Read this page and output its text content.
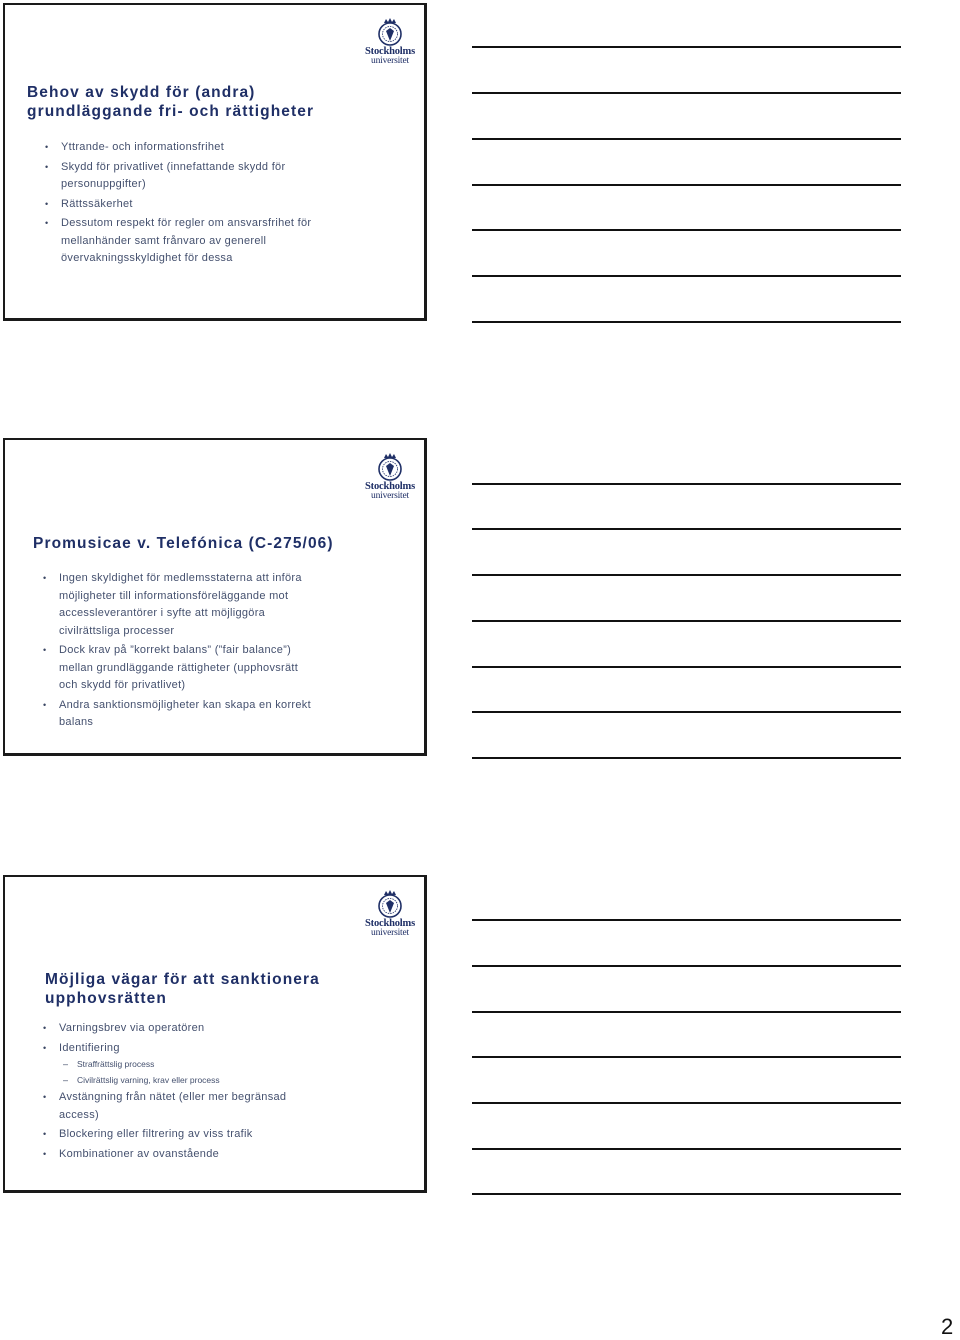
Stockholms
universitet
Behov av skydd för (andra)
grundläggande fri- och rättigheter
• Yttrande- och informationsfrihet
• Skydd för privatlivet (innefattande skydd för
personuppgifter)
• Rättssäkerhet
• Dessutom respekt för regler om ansvarsfrihet för
mellanhänder samt frånvaro av generell
övervakningsskyldighet för dessa
Stockholms
universitet
Promusicae v. Telefónica (C-275/06)
• Ingen skyldighet för medlemsstaterna att införa
möjligheter till informationsföreläggande mot
accessleverantörer i syfte att möjliggöra
civilrättsliga processer
• Dock krav på ”korrekt balans” (”fair balance”)
mellan grundläggande rättigheter (upphovsrätt
och skydd för privatlivet)
• Andra sanktionsmöjligheter kan skapa en korrekt
balans
Stockholms
universitet
Möjliga vägar för att sanktionera
upphovsrätten
• Varningsbrev via operatören
• Identifiering
– Straffrättslig process
– Civilrättslig varning, krav eller process
• Avstängning från nätet (eller mer begränsad
access)
• Blockering eller filtrering av viss trafik
• Kombinationer av ovanstående
2
